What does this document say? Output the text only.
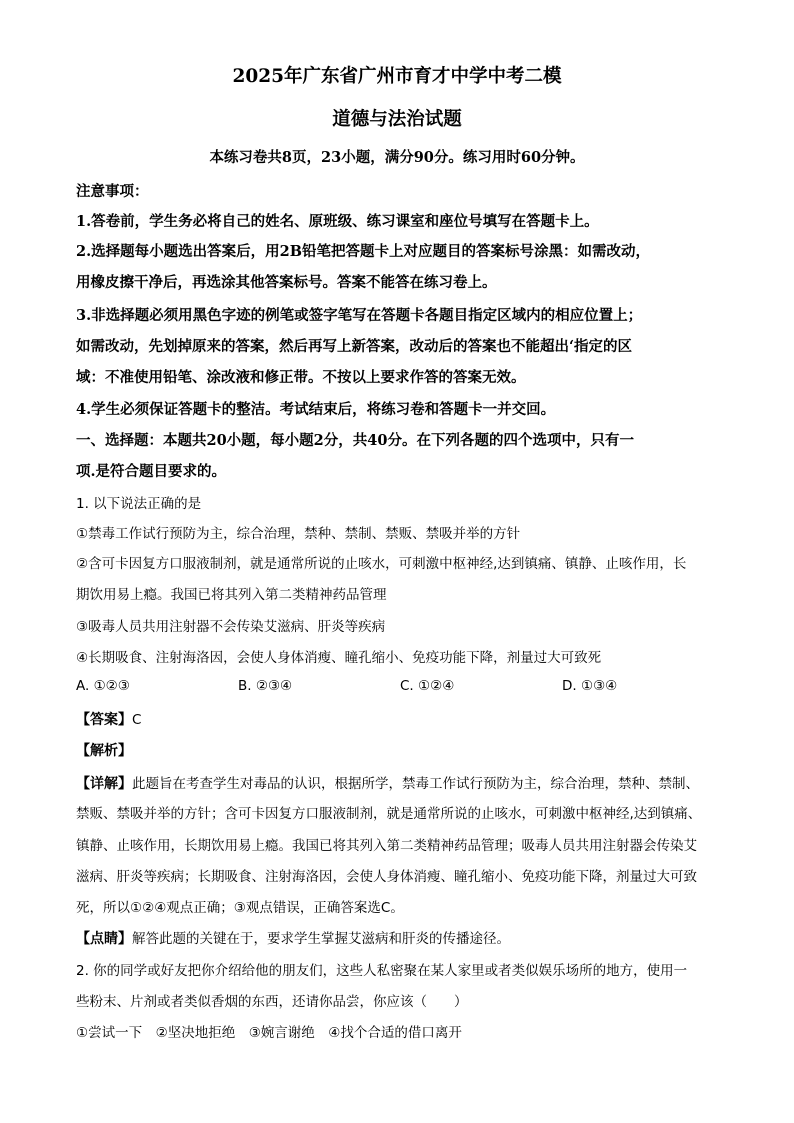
2025年广东省广州市育才中学中考二模
道德与法治试题
本练习卷共8页，23小题，满分90分。练习用时60分钟。
注意事项：
1.答卷前，学生务必将自己的姓名、原班级、练习课室和座位号填写在答题卡上。
2.选择题每小题选出答案后，用2B铅笔把答题卡上对应题目的答案标号涂黑：如需改动，
用橡皮擦干净后，再选涂其他答案标号。答案不能答在练习卷上。
3.非选择题必须用黑色字迹的例笔或签字笔写在答题卡各题目指定区域内的相应位置上；
如需改动，先划掉原来的答案，然后再写上新答案，改动后的答案也不能超出‘指定的区
域：不准使用铅笔、涂改液和修正带。不按以上要求作答的答案无效。
4.学生必须保证答题卡的整洁。考试结束后，将练习卷和答题卡一并交回。
一、选择题：本题共20小题，每小题2分，共40分。在下列各题的四个选项中，只有一
项.是符合题目要求的。
1. 以下说法正确的是
①禁毒工作试行预防为主，综合治理，禁种、禁制、禁贩、禁吸并举的方针
②含可卡因复方口服液制剂，就是通常所说的止咳水，可刺激中枢神经,达到镇痛、镇静、止咳作用，长
期饮用易上瘾。我国已将其列入第二类精神药品管理
③吸毒人员共用注射器不会传染艾滋病、肝炎等疾病
④长期吸食、注射海洛因，会使人身体消瘦、瞳孔缩小、免疫功能下降，剂量过大可致死
A. ①②③	B. ②③④	C. ①②④	D. ①③④
【答案】C
【解析】
【详解】此题旨在考查学生对毒品的认识，根据所学，禁毒工作试行预防为主，综合治理，禁种、禁制、
禁贩、禁吸并举的方针；含可卡因复方口服液制剂，就是通常所说的止咳水，可刺激中枢神经,达到镇痛、
镇静、止咳作用，长期饮用易上瘾。我国已将其列入第二类精神药品管理；吸毒人员共用注射器会传染艾
滋病、肝炎等疾病；长期吸食、注射海洛因，会使人身体消瘦、瞳孔缩小、免疫功能下降，剂量过大可致
死，所以①②④观点正确；③观点错误，正确答案选C。
【点睛】解答此题的关键在于，要求学生掌握艾滋病和肝炎的传播途径。
2. 你的同学或好友把你介绍给他的朋友们，这些人私密聚在某人家里或者类似娱乐场所的地方，使用一
些粉末、片剂或者类似香烟的东西，还请你品尝，你应该（　　）
①尝试一下　②坚决地拒绝　③婉言谢绝　④找个合适的借口离开
